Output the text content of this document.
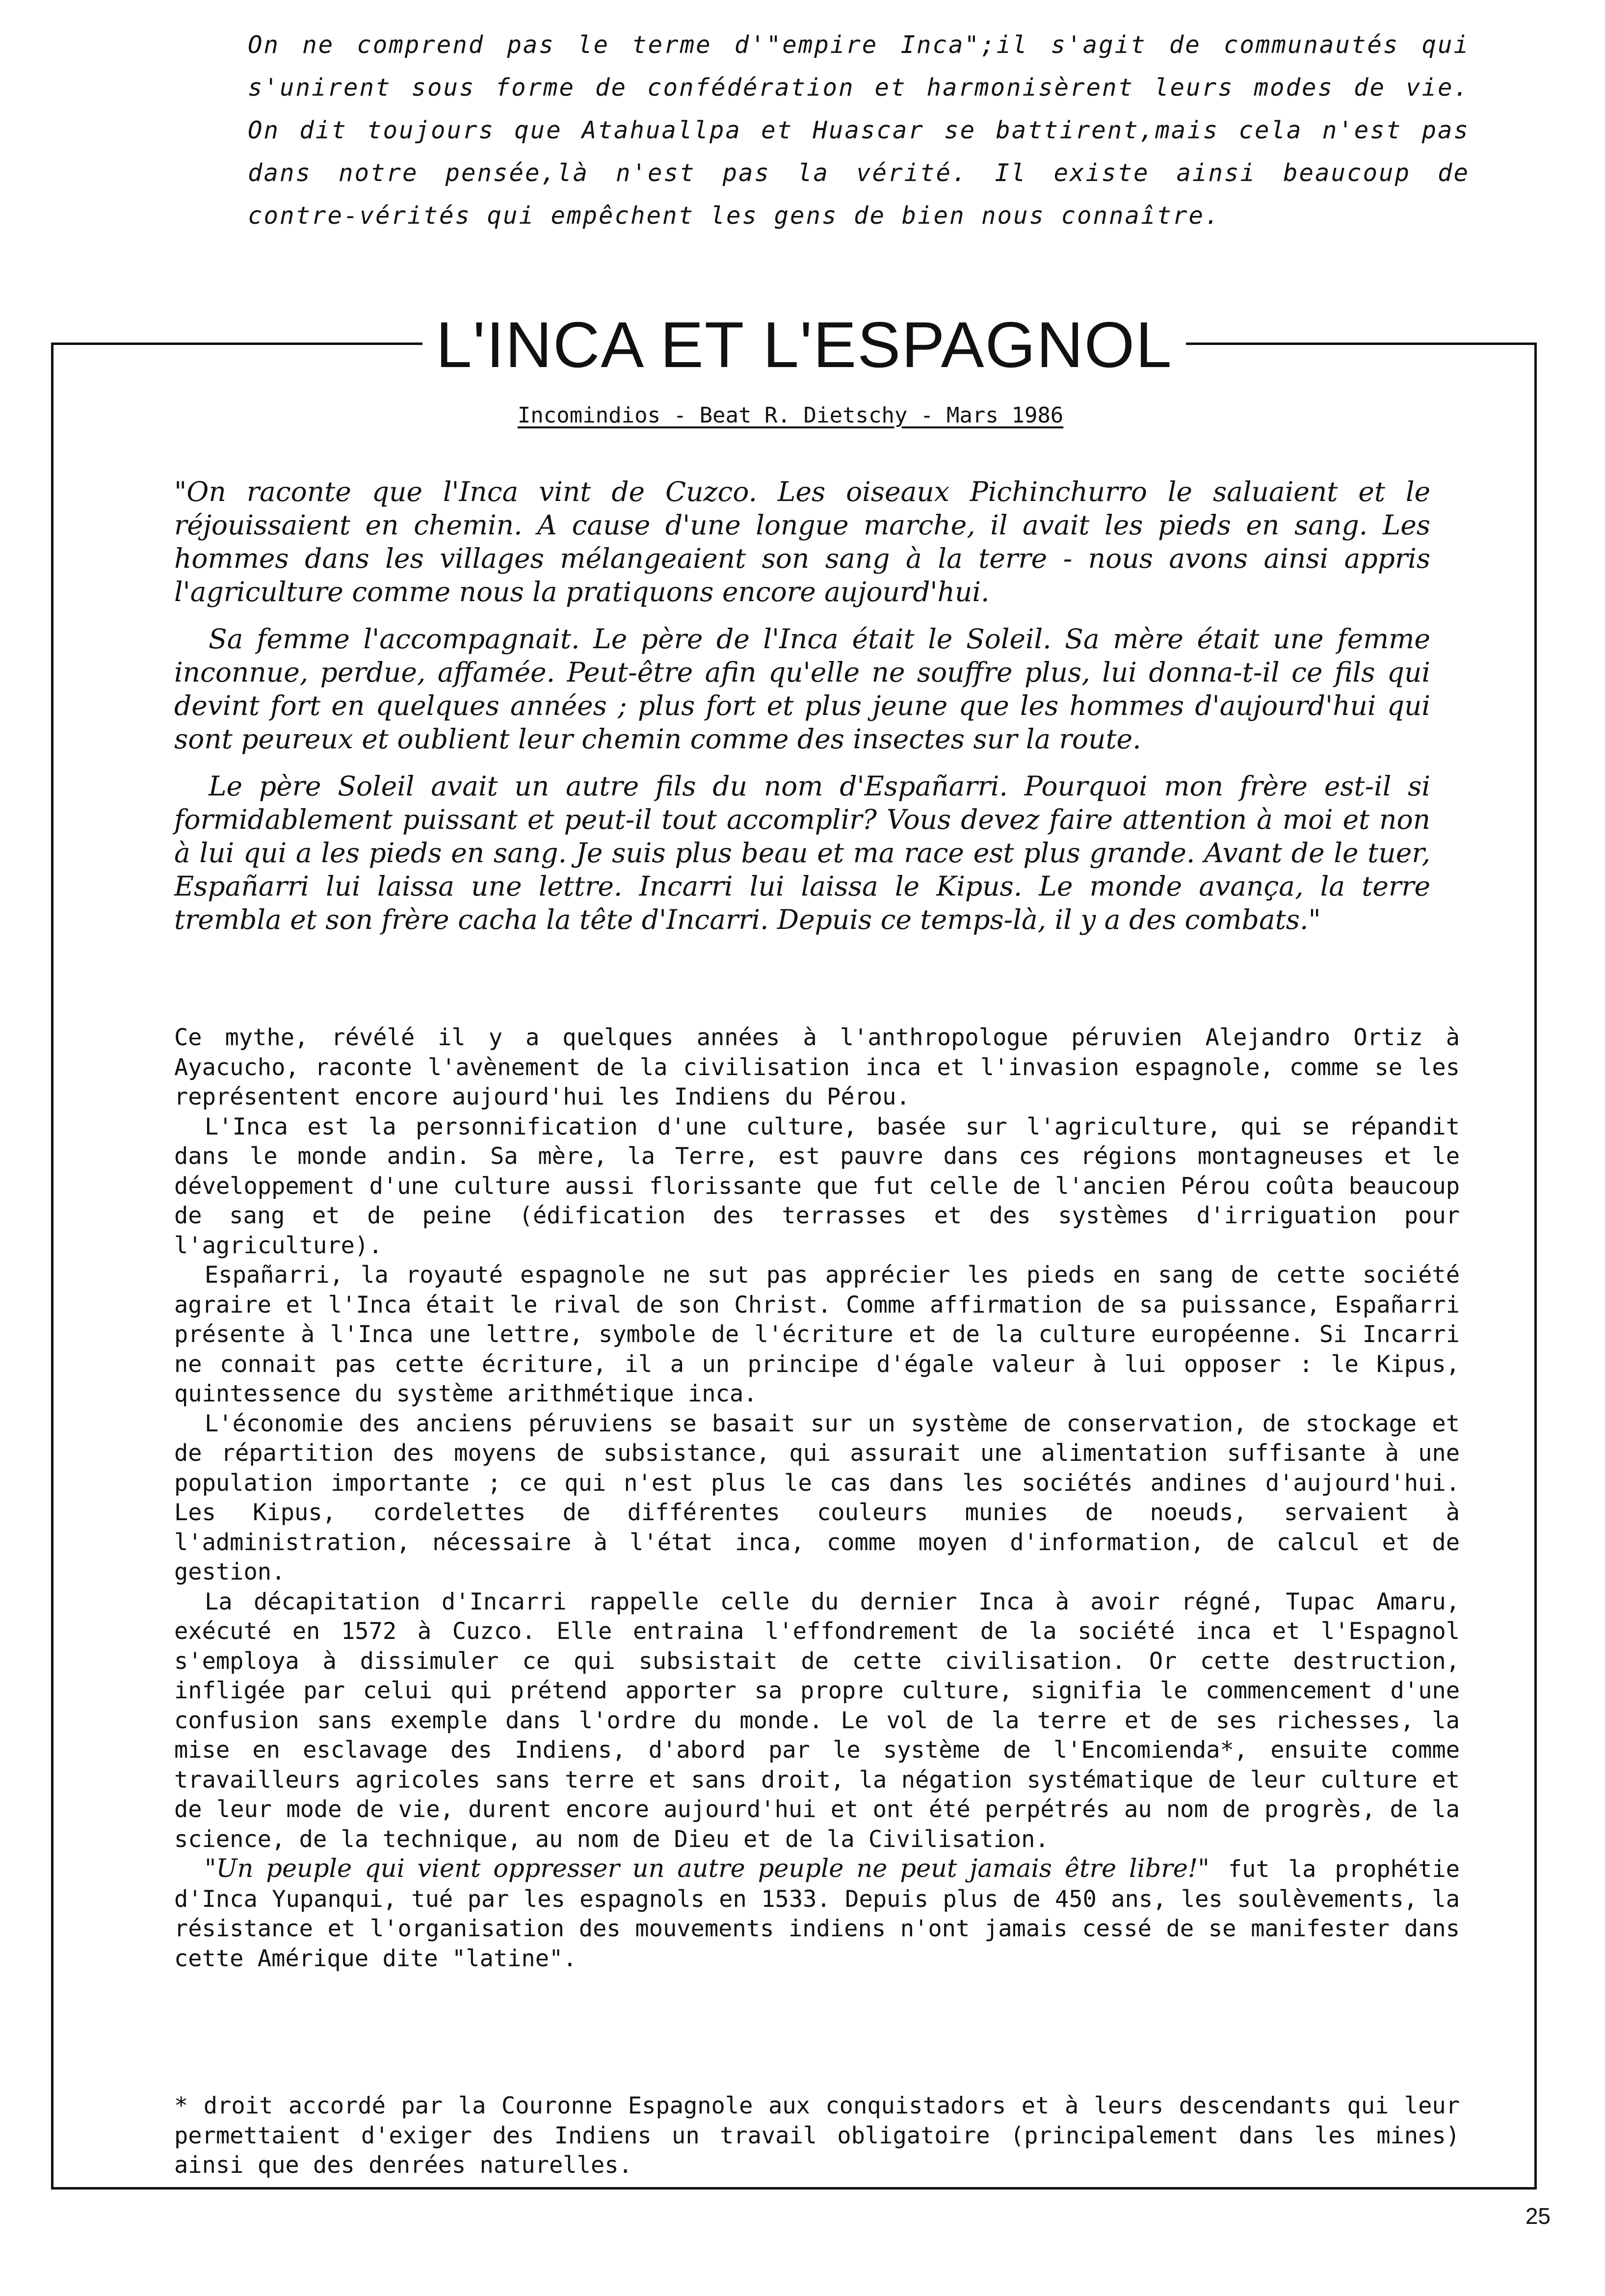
On ne comprend pas le terme d'"empire Inca";il s'agit de communautés qui s'unirent sous forme de confédération et harmonisèrent leurs modes de vie. On dit toujours que Atahuallpa et Huascar se battirent,mais cela n'est pas dans notre pensée,là n'est pas la vérité. Il existe ainsi beaucoup de contre-vérités qui empêchent les gens de bien nous connaître.
L'INCA ET L'ESPAGNOL
Incomindios - Beat R. Dietschy - Mars 1986

"On raconte que l'Inca vint de Cuzco. Les oiseaux Pichinchurro le saluaient et le réjouissaient en chemin. A cause d'une longue marche, il avait les pieds en sang. Les hommes dans les villages mélangeaient son sang à la terre - nous avons ainsi appris l'agriculture comme nous la pratiquons encore aujourd'hui.

Sa femme l'accompagnait. Le père de l'Inca était le Soleil. Sa mère était une femme inconnue, perdue, affamée. Peut-être afin qu'elle ne souffre plus, lui donna-t-il ce fils qui devint fort en quelques années ; plus fort et plus jeune que les hommes d'aujourd'hui qui sont peureux et oublient leur chemin comme des insectes sur la route.

Le père Soleil avait un autre fils du nom d'Españarri. Pourquoi mon frère est-il si formidablement puissant et peut-il tout accomplir? Vous devez faire attention à moi et non à lui qui a les pieds en sang. Je suis plus beau et ma race est plus grande. Avant de le tuer, Españarri lui laissa une lettre. Incarri lui laissa le Kipus. Le monde avança, la terre trembla et son frère cacha la tête d'Incarri. Depuis ce temps-là, il y a des combats."

Ce mythe, révélé il y a quelques années à l'anthropologue péruvien Alejandro Ortiz à Ayacucho, raconte l'avènement de la civilisation inca et l'invasion espagnole, comme se les représentent encore aujourd'hui les Indiens du Pérou.

L'Inca est la personnification d'une culture, basée sur l'agriculture, qui se répandit dans le monde andin. Sa mère, la Terre, est pauvre dans ces régions montagneuses et le développement d'une culture aussi florissante que fut celle de l'ancien Pérou coûta beaucoup de sang et de peine (édification des terrasses et des systèmes d'irriguation pour l'agriculture).

Españarri, la royauté espagnole ne sut pas apprécier les pieds en sang de cette société agraire et l'Inca était le rival de son Christ. Comme affirmation de sa puissance, Españarri présente à l'Inca une lettre, symbole de l'écriture et de la culture européenne. Si Incarri ne connait pas cette écriture, il a un principe d'égale valeur à lui opposer : le Kipus, quintessence du système arithmétique inca.

L'économie des anciens péruviens se basait sur un système de conservation, de stockage et de répartition des moyens de subsistance, qui assurait une alimentation suffisante à une population importante ; ce qui n'est plus le cas dans les sociétés andines d'aujourd'hui. Les Kipus, cordelettes de différentes couleurs munies de noeuds, servaient à l'administration, nécessaire à l'état inca, comme moyen d'information, de calcul et de gestion.

La décapitation d'Incarri rappelle celle du dernier Inca à avoir régné, Tupac Amaru, exécuté en 1572 à Cuzco. Elle entraina l'effondrement de la société inca et l'Espagnol s'employa à dissimuler ce qui subsistait de cette civilisation. Or cette destruction, infligée par celui qui prétend apporter sa propre culture, signifia le commencement d'une confusion sans exemple dans l'ordre du monde. Le vol de la terre et de ses richesses, la mise en esclavage des Indiens, d'abord par le système de l'Encomienda*, ensuite comme travailleurs agricoles sans terre et sans droit, la négation systématique de leur culture et de leur mode de vie, durent encore aujourd'hui et ont été perpétrés au nom de progrès, de la science, de la technique, au nom de Dieu et de la Civilisation.

"Un peuple qui vient oppresser un autre peuple ne peut jamais être libre!" fut la prophétie d'Inca Yupanqui, tué par les espagnols en 1533. Depuis plus de 450 ans, les soulèvements, la résistance et l'organisation des mouvements indiens n'ont jamais cessé de se manifester dans cette Amérique dite "latine".

* droit accordé par la Couronne Espagnole aux conquistadors et à leurs descendants qui leur permettaient d'exiger des Indiens un travail obligatoire (principalement dans les mines) ainsi que des denrées naturelles.
25
